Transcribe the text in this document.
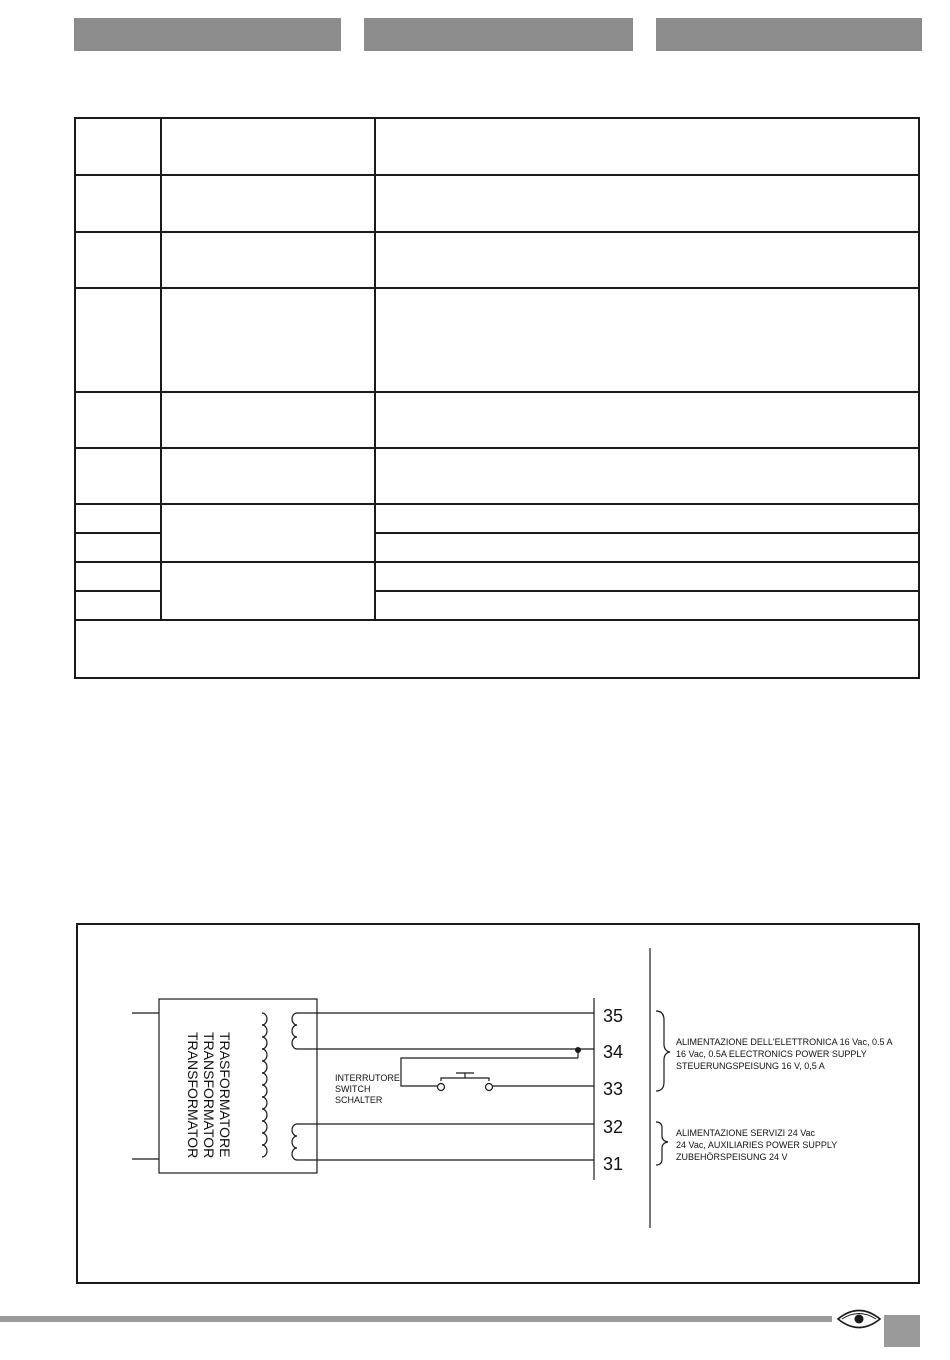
TRASFORMATORE
TRANSFORMATOR
TRANSFORMATOR	INTERRUTORE
SWITCH
SCHALTER
35
34
33
32
31
ALIMENTAZIONE DELL'ELETTRONICA 16 Vac, 0.5 A
16 Vac, 0.5A ELECTRONICS POWER SUPPLY
STEUERUNGSPEISUNG 16 V, 0,5 A
ALIMENTAZIONE SERVIZI 24 Vac
24 Vac, AUXILIARIES POWER SUPPLY
ZUBEHÖRSPEISUNG 24 V
